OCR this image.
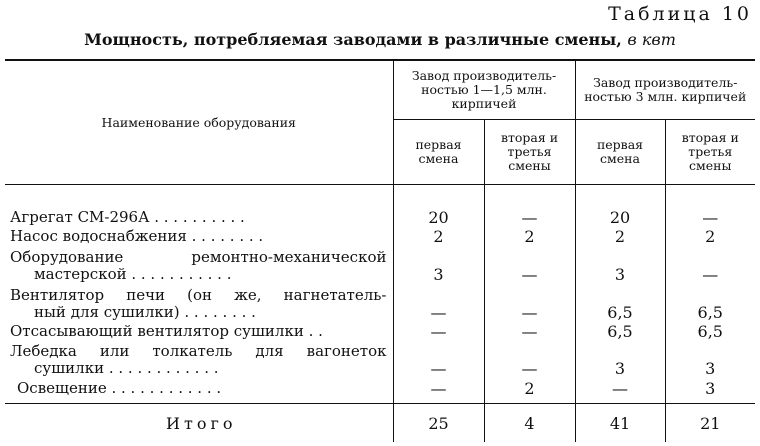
Таблица 10
Мощность, потребляемая заводами в различные смены, в квт
Наименование оборудования	Завод производитель-ностью 1—1,5 млн. кирпичей		Завод производитель-ностью 3 млн. кирпичей	
	первая смена	вторая и третья смены	первая смена	вторая и третья смены
Агрегат СМ-296А . . . . . . . . . .	20	—	20	—
Насос водоснабжения . . . . . . . .	2	2	2	2

Оборудование ремонтно-механической
мастерской . . . . . . . . . . .	3	—	3	—

Вентилятор печи (он же, нагнетатель-
ный для сушилки) . . . . . . . .	—	—	6,5	6,5
Отсасывающий вентилятор сушилки . .	—	—	6,5	6,5

Лебедка или толкатель для вагонеток
сушилки . . . . . . . . . . . .	—	—	3	3
Освещение . . . . . . . . . . . .	—	2	—	3
Итого	25	4	41	21
